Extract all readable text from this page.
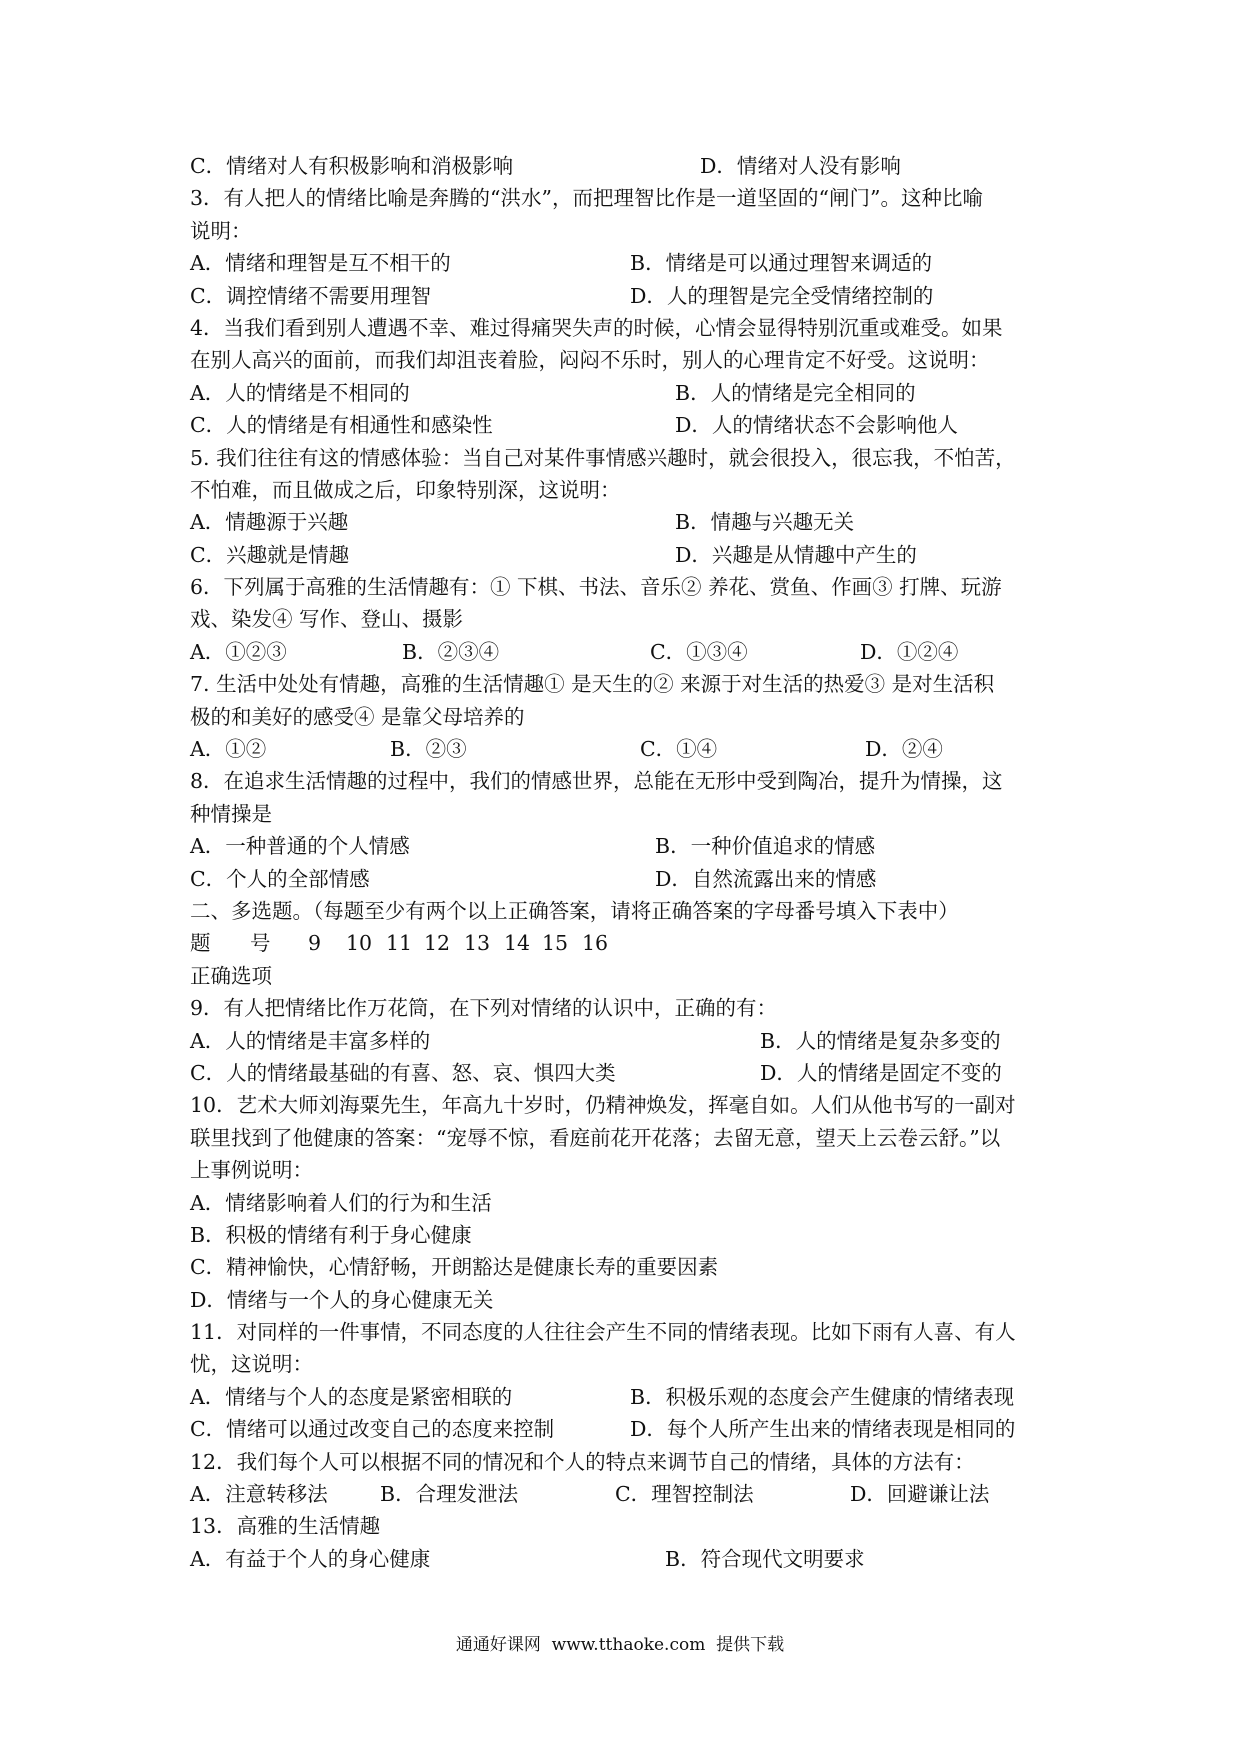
C．情绪对人有积极影响和消极影响	D．情绪对人没有影响
3．有人把人的情绪比喻是奔腾的“洪水”，而把理智比作是一道坚固的“闸门”。这种比喻
说明：
A．情绪和理智是互不相干的	B．情绪是可以通过理智来调适的
C．调控情绪不需要用理智	D．人的理智是完全受情绪控制的
4．当我们看到别人遭遇不幸、难过得痛哭失声的时候，心情会显得特别沉重或难受。如果
在别人高兴的面前，而我们却沮丧着脸，闷闷不乐时，别人的心理肯定不好受。这说明：
A．人的情绪是不相同的	B．人的情绪是完全相同的
C．人的情绪是有相通性和感染性	D．人的情绪状态不会影响他人
5. 我们往往有这的情感体验：当自己对某件事情感兴趣时，就会很投入，很忘我，不怕苦，
不怕难，而且做成之后，印象特别深，这说明：
A．情趣源于兴趣	B．情趣与兴趣无关
C．兴趣就是情趣	D．兴趣是从情趣中产生的
6．下列属于高雅的生活情趣有：① 下棋、书法、音乐② 养花、赏鱼、作画③ 打牌、玩游
戏、染发④ 写作、登山、摄影
A．①②③	B．②③④	C．①③④	D．①②④
7. 生活中处处有情趣，高雅的生活情趣① 是天生的② 来源于对生活的热爱③ 是对生活积
极的和美好的感受④ 是靠父母培养的
A．①②	B．②③	C．①④	D．②④
8．在追求生活情趣的过程中，我们的情感世界，总能在无形中受到陶冶，提升为情操，这
种情操是
A．一种普通的个人情感	B．一种价值追求的情感
C．个人的全部情感	D．自然流露出来的情感
二、多选题。（每题至少有两个以上正确答案，请将正确答案的字母番号填入下表中）
题	号	9	10 11 12 13 14 15 16
正确选项
9．有人把情绪比作万花筒，在下列对情绪的认识中，正确的有：
A．人的情绪是丰富多样的	B．人的情绪是复杂多变的
C．人的情绪最基础的有喜、怒、哀、惧四大类	D．人的情绪是固定不变的
10．艺术大师刘海粟先生，年高九十岁时，仍精神焕发，挥毫自如。人们从他书写的一副对
联里找到了他健康的答案：“宠辱不惊，看庭前花开花落；去留无意，望天上云卷云舒。”以
上事例说明：
A．情绪影响着人们的行为和生活
B．积极的情绪有利于身心健康
C．精神愉快，心情舒畅，开朗豁达是健康长寿的重要因素
D．情绪与一个人的身心健康无关
11．对同样的一件事情，不同态度的人往往会产生不同的情绪表现。比如下雨有人喜、有人
忧，这说明：
A．情绪与个人的态度是紧密相联的	B．积极乐观的态度会产生健康的情绪表现
C．情绪可以通过改变自己的态度来控制	D．每个人所产生出来的情绪表现是相同的
12．我们每个人可以根据不同的情况和个人的特点来调节自己的情绪，具体的方法有：
A．注意转移法	B．合理发泄法	C．理智控制法	D．回避谦让法
13．高雅的生活情趣
A．有益于个人的身心健康	B．符合现代文明要求
通通好课网  www.tthaoke.com  提供下载
